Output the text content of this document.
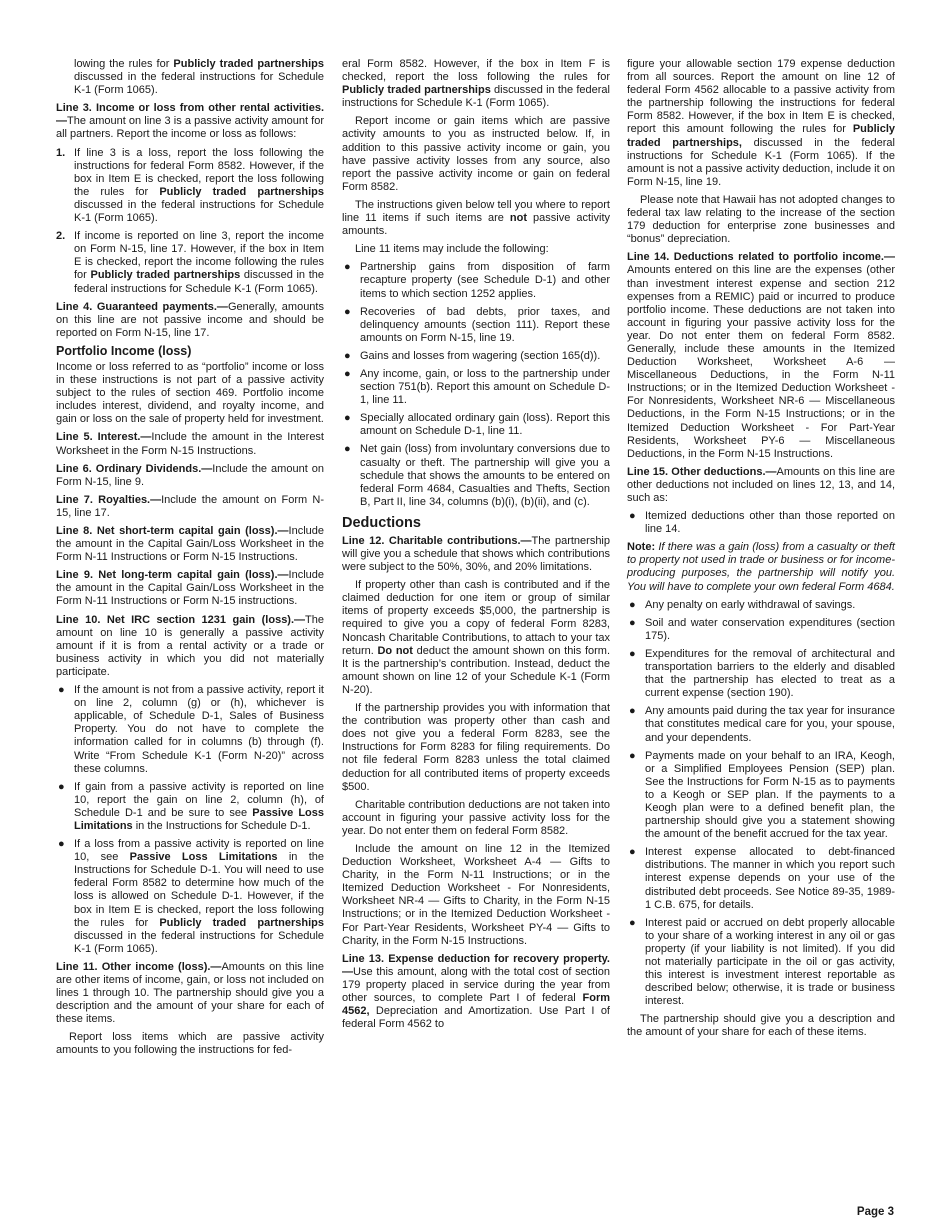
lowing the rules for Publicly traded partnerships discussed in the federal instructions for Schedule K-1 (Form 1065).
Line 3. Income or loss from other rental activities.—The amount on line 3 is a passive activity amount for all partners. Report the income or loss as follows:
1. If line 3 is a loss, report the loss following the instructions for federal Form 8582. However, if the box in Item E is checked, report the loss following the rules for Publicly traded partnerships discussed in the federal instructions for Schedule K-1 (Form 1065).
2. If income is reported on line 3, report the income on Form N-15, line 17. However, if the box in Item E is checked, report the income following the rules for Publicly traded partnerships discussed in the federal instructions for Schedule K-1 (Form 1065).
Line 4. Guaranteed payments.—Generally, amounts on this line are not passive income and should be reported on Form N-15, line 17.
Portfolio Income (loss)
Income or loss referred to as “portfolio” income or loss in these instructions is not part of a passive activity subject to the rules of section 469. Portfolio income includes interest, dividend, and royalty income, and gain or loss on the sale of property held for investment.
Line 5. Interest.—Include the amount in the Interest Worksheet in the Form N-15 Instructions.
Line 6. Ordinary Dividends.—Include the amount on Form N-15, line 9.
Line 7. Royalties.—Include the amount on Form N-15, line 17.
Line 8. Net short-term capital gain (loss).—Include the amount in the Capital Gain/Loss Worksheet in the Form N-11 Instructions or Form N-15 Instructions.
Line 9. Net long-term capital gain (loss).—Include the amount in the Capital Gain/Loss Worksheet in the Form N-11 Instructions or Form N-15 instructions.
Line 10. Net IRC section 1231 gain (loss).—The amount on line 10 is generally a passive activity amount if it is from a rental activity or a trade or business activity in which you did not materially participate.
● If the amount is not from a passive activity, report it on line 2, column (g) or (h), whichever is applicable, of Schedule D-1, Sales of Business Property. You do not have to complete the information called for in columns (b) through (f). Write “From Schedule K-1 (Form N-20)” across these columns.
● If gain from a passive activity is reported on line 10, report the gain on line 2, column (h), of Schedule D-1 and be sure to see Passive Loss Limitations in the Instructions for Schedule D-1.
● If a loss from a passive activity is reported on line 10, see Passive Loss Limitations in the Instructions for Schedule D-1. You will need to use federal Form 8582 to determine how much of the loss is allowed on Schedule D-1. However, if the box in Item E is checked, report the loss following the rules for Publicly traded partnerships discussed in the federal instructions for Schedule K-1 (Form 1065).
Line 11. Other income (loss).—Amounts on this line are other items of income, gain, or loss not included on lines 1 through 10. The partnership should give you a description and the amount of your share for each of these items.
Report loss items which are passive activity amounts to you following the instructions for fed-
eral Form 8582. However, if the box in Item F is checked, report the loss following the rules for Publicly traded partnerships discussed in the federal instructions for Schedule K-1 (Form 1065).
Report income or gain items which are passive activity amounts to you as instructed below. If, in addition to this passive activity income or gain, you have passive activity losses from any source, also report the passive activity income or gain on federal Form 8582.
The instructions given below tell you where to report line 11 items if such items are not passive activity amounts.
Line 11 items may include the following:
● Partnership gains from disposition of farm recapture property (see Schedule D-1) and other items to which section 1252 applies.
● Recoveries of bad debts, prior taxes, and delinquency amounts (section 111). Report these amounts on Form N-15, line 19.
● Gains and losses from wagering (section 165(d)).
● Any income, gain, or loss to the partnership under section 751(b). Report this amount on Schedule D-1, line 11.
● Specially allocated ordinary gain (loss). Report this amount on Schedule D-1, line 11.
● Net gain (loss) from involuntary conversions due to casualty or theft. The partnership will give you a schedule that shows the amounts to be entered on federal Form 4684, Casualties and Thefts, Section B, Part II, line 34, columns (b)(i), (b)(ii), and (c).
Deductions
Line 12. Charitable contributions.—The partnership will give you a schedule that shows which contributions were subject to the 50%, 30%, and 20% limitations.
If property other than cash is contributed and if the claimed deduction for one item or group of similar items of property exceeds $5,000, the partnership is required to give you a copy of federal Form 8283, Noncash Charitable Contributions, to attach to your tax return. Do not deduct the amount shown on this form. It is the partnership’s contribution. Instead, deduct the amount shown on line 12 of your Schedule K-1 (Form N-20).
If the partnership provides you with information that the contribution was property other than cash and does not give you a federal Form 8283, see the Instructions for Form 8283 for filing requirements. Do not file federal Form 8283 unless the total claimed deduction for all contributed items of property exceeds $500.
Charitable contribution deductions are not taken into account in figuring your passive activity loss for the year. Do not enter them on federal Form 8582.
Include the amount on line 12 in the Itemized Deduction Worksheet, Worksheet A-4 — Gifts to Charity, in the Form N-11 Instructions; or in the Itemized Deduction Worksheet - For Nonresidents, Worksheet NR-4 — Gifts to Charity, in the Form N-15 Instructions; or in the Itemized Deduction Worksheet - For Part-Year Residents, Worksheet PY-4 — Gifts to Charity, in the Form N-15 Instructions.
Line 13. Expense deduction for recovery property.—Use this amount, along with the total cost of section 179 property placed in service during the year from other sources, to complete Part I of federal Form 4562, Depreciation and Amortization. Use Part I of federal Form 4562 to
figure your allowable section 179 expense deduction from all sources. Report the amount on line 12 of federal Form 4562 allocable to a passive activity from the partnership following the instructions for federal Form 8582. However, if the box in Item E is checked, report this amount following the rules for Publicly traded partnerships, discussed in the federal instructions for Schedule K-1 (Form 1065). If the amount is not a passive activity deduction, include it on Form N-15, line 19.
Please note that Hawaii has not adopted changes to federal tax law relating to the increase of the section 179 deduction for enterprise zone businesses and “bonus” depreciation.
Line 14. Deductions related to portfolio income.—Amounts entered on this line are the expenses (other than investment interest expense and section 212 expenses from a REMIC) paid or incurred to produce portfolio income. These deductions are not taken into account in figuring your passive activity loss for the year. Do not enter them on federal Form 8582. Generally, include these amounts in the Itemized Deduction Worksheet, Worksheet A-6 — Miscellaneous Deductions, in the Form N-11 Instructions; or in the Itemized Deduction Worksheet - For Nonresidents, Worksheet NR-6 — Miscellaneous Deductions, in the Form N-15 Instructions; or in the Itemized Deduction Worksheet - For Part-Year Residents, Worksheet PY-6 — Miscellaneous Deductions, in the Form N-15 Instructions.
Line 15. Other deductions.—Amounts on this line are other deductions not included on lines 12, 13, and 14, such as:
● Itemized deductions other than those reported on line 14.
Note: If there was a gain (loss) from a casualty or theft to property not used in trade or business or for income-producing purposes, the partnership will notify you. You will have to complete your own federal Form 4684.
● Any penalty on early withdrawal of savings.
● Soil and water conservation expenditures (section 175).
● Expenditures for the removal of architectural and transportation barriers to the elderly and disabled that the partnership has elected to treat as a current expense (section 190).
● Any amounts paid during the tax year for insurance that constitutes medical care for you, your spouse, and your dependents.
● Payments made on your behalf to an IRA, Keogh, or a Simplified Employees Pension (SEP) plan. See the Instructions for Form N-15 as to payments to a Keogh or SEP plan. If the payments to a Keogh plan were to a defined benefit plan, the partnership should give you a statement showing the amount of the benefit accrued for the tax year.
● Interest expense allocated to debt-financed distributions. The manner in which you report such interest expense depends on your use of the distributed debt proceeds. See Notice 89-35, 1989-1 C.B. 675, for details.
● Interest paid or accrued on debt properly allocable to your share of a working interest in any oil or gas property (if your liability is not limited). If you did not materially participate in the oil or gas activity, this interest is investment interest reportable as described below; otherwise, it is trade or business interest.
The partnership should give you a description and the amount of your share for each of these items.
Page 3
